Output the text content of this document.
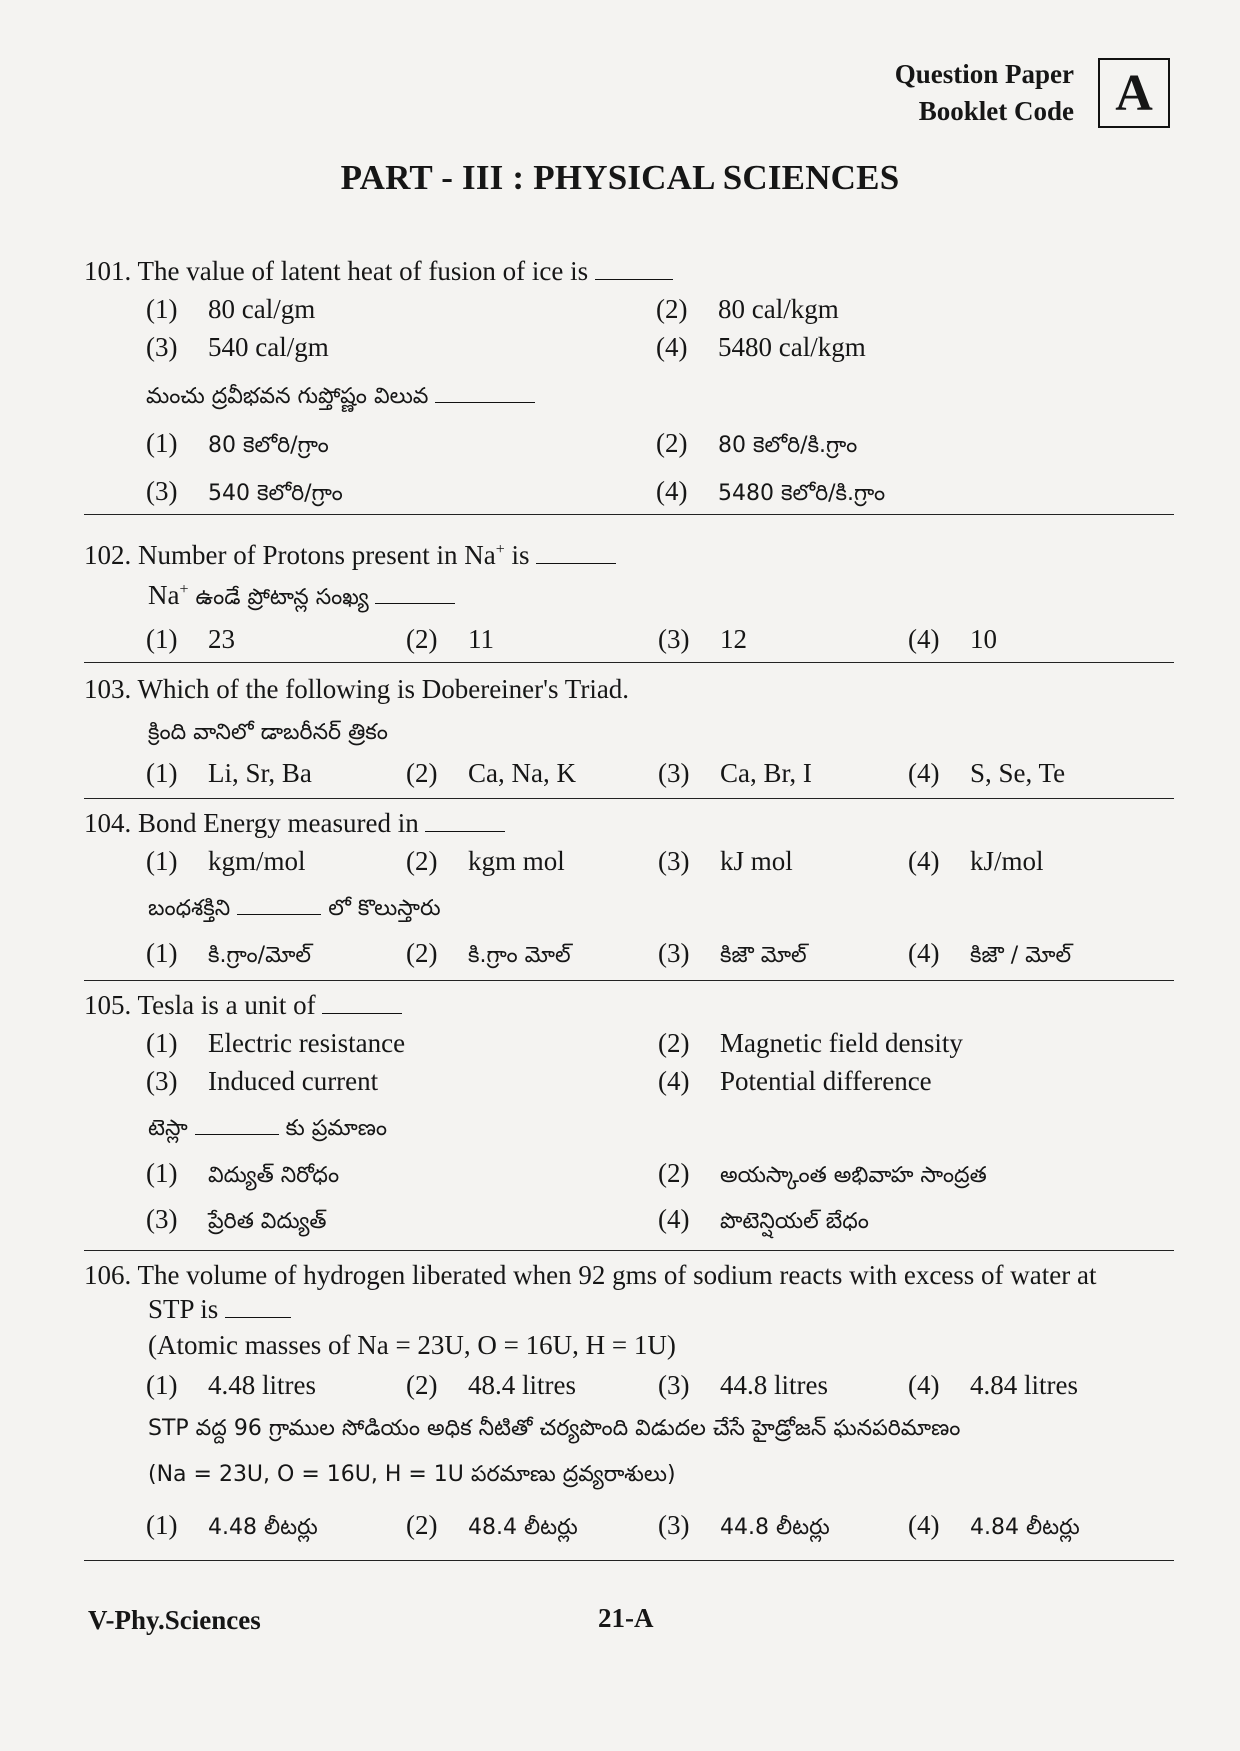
Question Paper
Booklet Code A
PART - III : PHYSICAL SCIENCES
101. The value of latent heat of fusion of ice is
(1) 80 cal/gm	(2) 80 cal/kgm
(3) 540 cal/gm	(4) 5480 cal/kgm
మంచు ద్రవీభవన గుప్తోష్ణం విలువ
(1) 80 కెలోరి/గ్రాం	(2) 80 కెలోరి/కి.గ్రాం
(3) 540 కెలోరి/గ్రాం	(4) 5480 కెలోరి/కి.గ్రాం
102. Number of Protons present in Na+ is
Na+ ఉండే ప్రోటాన్ల సంఖ్య
(1) 23	(2) 11	(3) 12	(4) 10
103. Which of the following is Dobereiner's Triad.
క్రింది వానిలో డాబరీనర్ త్రికం
(1) Li, Sr, Ba	(2) Ca, Na, K	(3) Ca, Br, I	(4) S, Se, Te
104. Bond Energy measured in
(1) kgm/mol	(2) kgm mol	(3) kJ mol	(4) kJ/mol
బంధశక్తిని	లో కొలుస్తారు
(1) కి.గ్రాం/మోల్	(2) కి.గ్రాం మోల్	(3) కిజౌ మోల్	(4) కిజౌ / మోల్
105. Tesla is a unit of
(1) Electric resistance	(2) Magnetic field density
(3) Induced current	(4) Potential difference
టెస్లా	కు ప్రమాణం
(1) విద్యుత్ నిరోధం	(2) అయస్కాంత అభివాహ సాంద్రత
(3) ప్రేరిత విద్యుత్	(4) పొటెన్షియల్ బేధం
106. The volume of hydrogen liberated when 92 gms of sodium reacts with excess of water at
STP is
(Atomic masses of Na = 23U, O = 16U, H = 1U)
(1) 4.48 litres	(2) 48.4 litres	(3) 44.8 litres	(4) 4.84 litres
STP వద్ద 96 గ్రాముల సోడియం అధిక నీటితో చర్యపొంది విడుదల చేసే హైడ్రోజన్ ఘనపరిమాణం
(Na = 23U, O = 16U, H = 1U పరమాణు ద్రవ్యరాశులు)
(1) 4.48 లీటర్లు	(2) 48.4 లీటర్లు	(3) 44.8 లీటర్లు	(4) 4.84 లీటర్లు
V-Phy.Sciences	21-A
